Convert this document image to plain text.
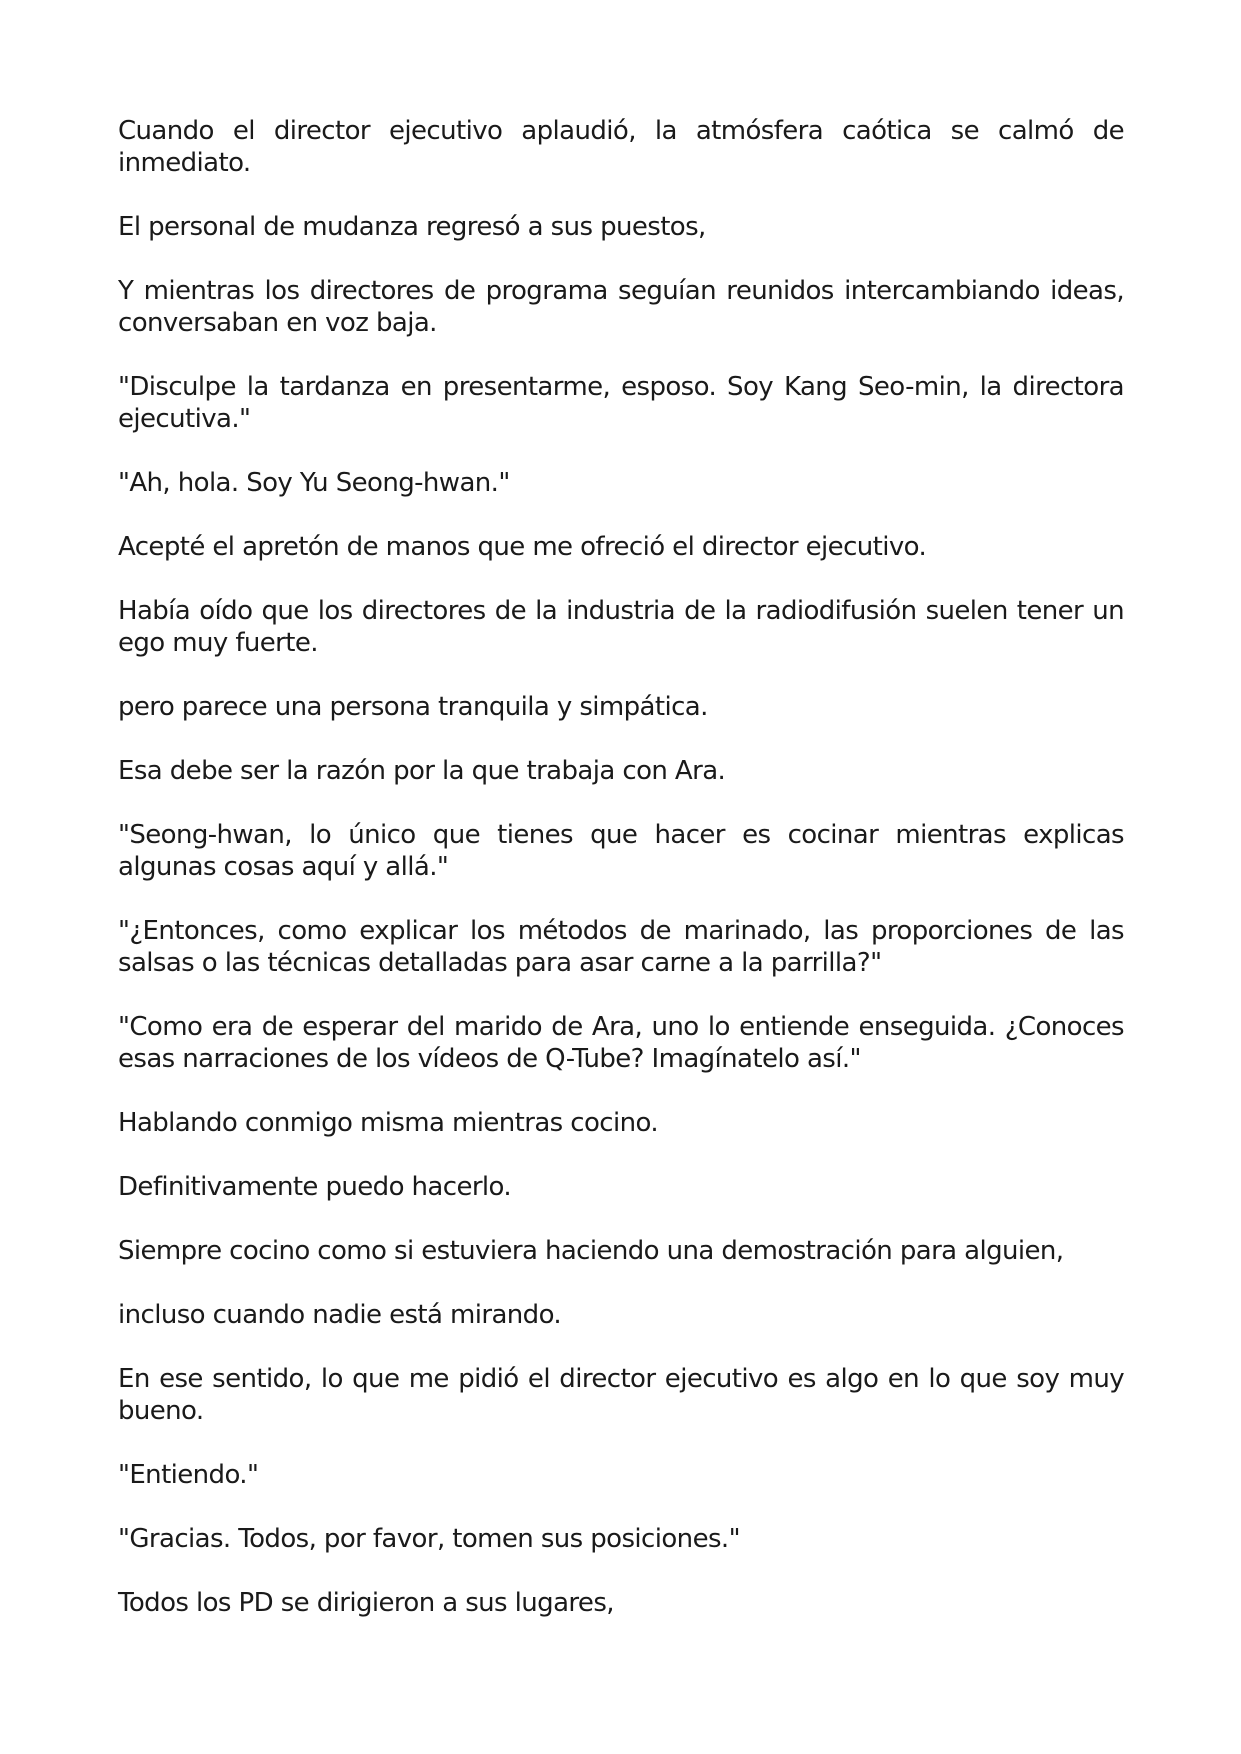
Cuando el director ejecutivo aplaudió, la atmósfera caótica se calmó de inmediato.

El personal de mudanza regresó a sus puestos,

Y mientras los directores de programa seguían reunidos intercambiando ideas, conversaban en voz baja.

"Disculpe la tardanza en presentarme, esposo. Soy Kang Seo-min, la directora ejecutiva."

"Ah, hola. Soy Yu Seong-hwan."

Acepté el apretón de manos que me ofreció el director ejecutivo.

Había oído que los directores de la industria de la radiodifusión suelen tener un ego muy fuerte.

pero parece una persona tranquila y simpática.

Esa debe ser la razón por la que trabaja con Ara.

"Seong-hwan, lo único que tienes que hacer es cocinar mientras explicas algunas cosas aquí y allá."

"¿Entonces, como explicar los métodos de marinado, las proporciones de las salsas o las técnicas detalladas para asar carne a la parrilla?"

"Como era de esperar del marido de Ara, uno lo entiende enseguida. ¿Conoces esas narraciones de los vídeos de Q-Tube? Imagínatelo así."

Hablando conmigo misma mientras cocino.

Definitivamente puedo hacerlo.

Siempre cocino como si estuviera haciendo una demostración para alguien,

incluso cuando nadie está mirando.

En ese sentido, lo que me pidió el director ejecutivo es algo en lo que soy muy bueno.

"Entiendo."

"Gracias. Todos, por favor, tomen sus posiciones."

Todos los PD se dirigieron a sus lugares,
